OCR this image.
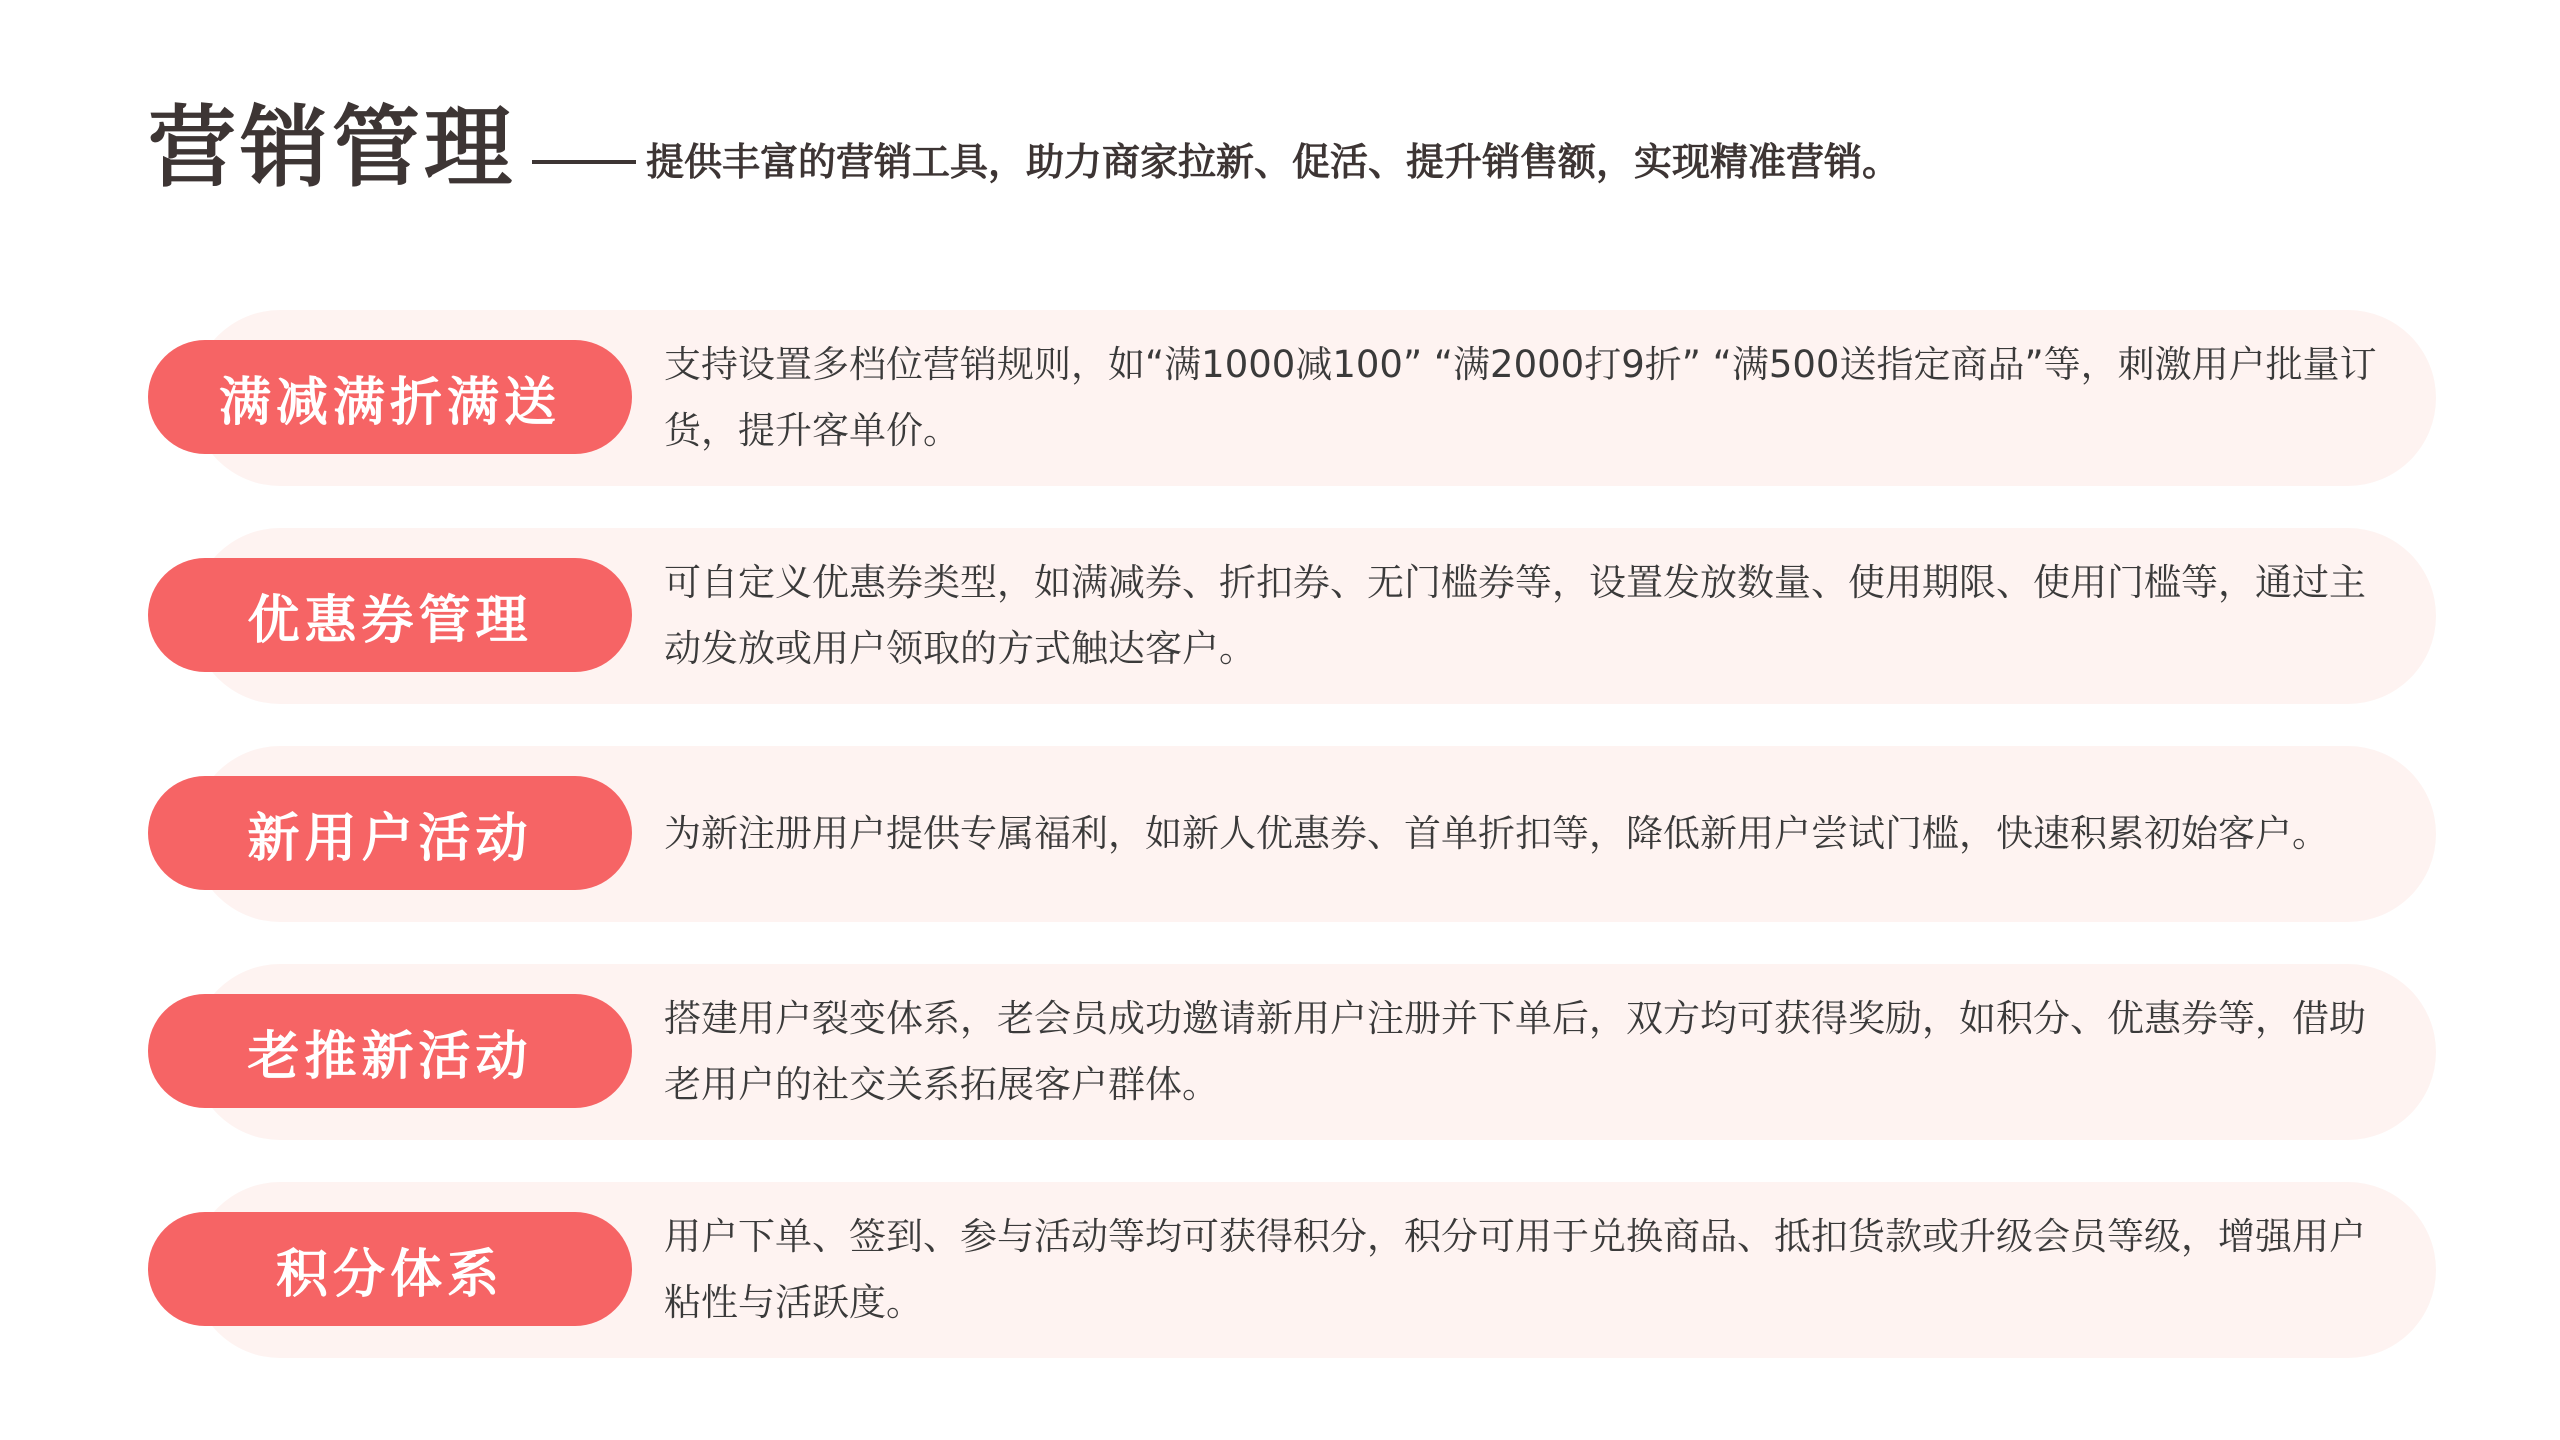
营销管理	提供丰富的营销工具，助力商家拉新、促活、提升销售额，实现精准营销。
满减满折满送
支持设置多档位营销规则，如“满1000减100” “满2000打9折” “满500送指定商品”等，刺激用户批量订货，提升客单价。
优惠券管理
可自定义优惠券类型，如满减券、折扣券、无门槛券等，设置发放数量、使用期限、使用门槛等，通过主动发放或用户领取的方式触达客户。
新用户活动	为新注册用户提供专属福利，如新人优惠券、首单折扣等，降低新用户尝试门槛，快速积累初始客户。
老推新活动
搭建用户裂变体系，老会员成功邀请新用户注册并下单后，双方均可获得奖励，如积分、优惠券等，借助老用户的社交关系拓展客户群体。
积分体系
用户下单、签到、参与活动等均可获得积分，积分可用于兑换商品、抵扣货款或升级会员等级，增强用户粘性与活跃度。
